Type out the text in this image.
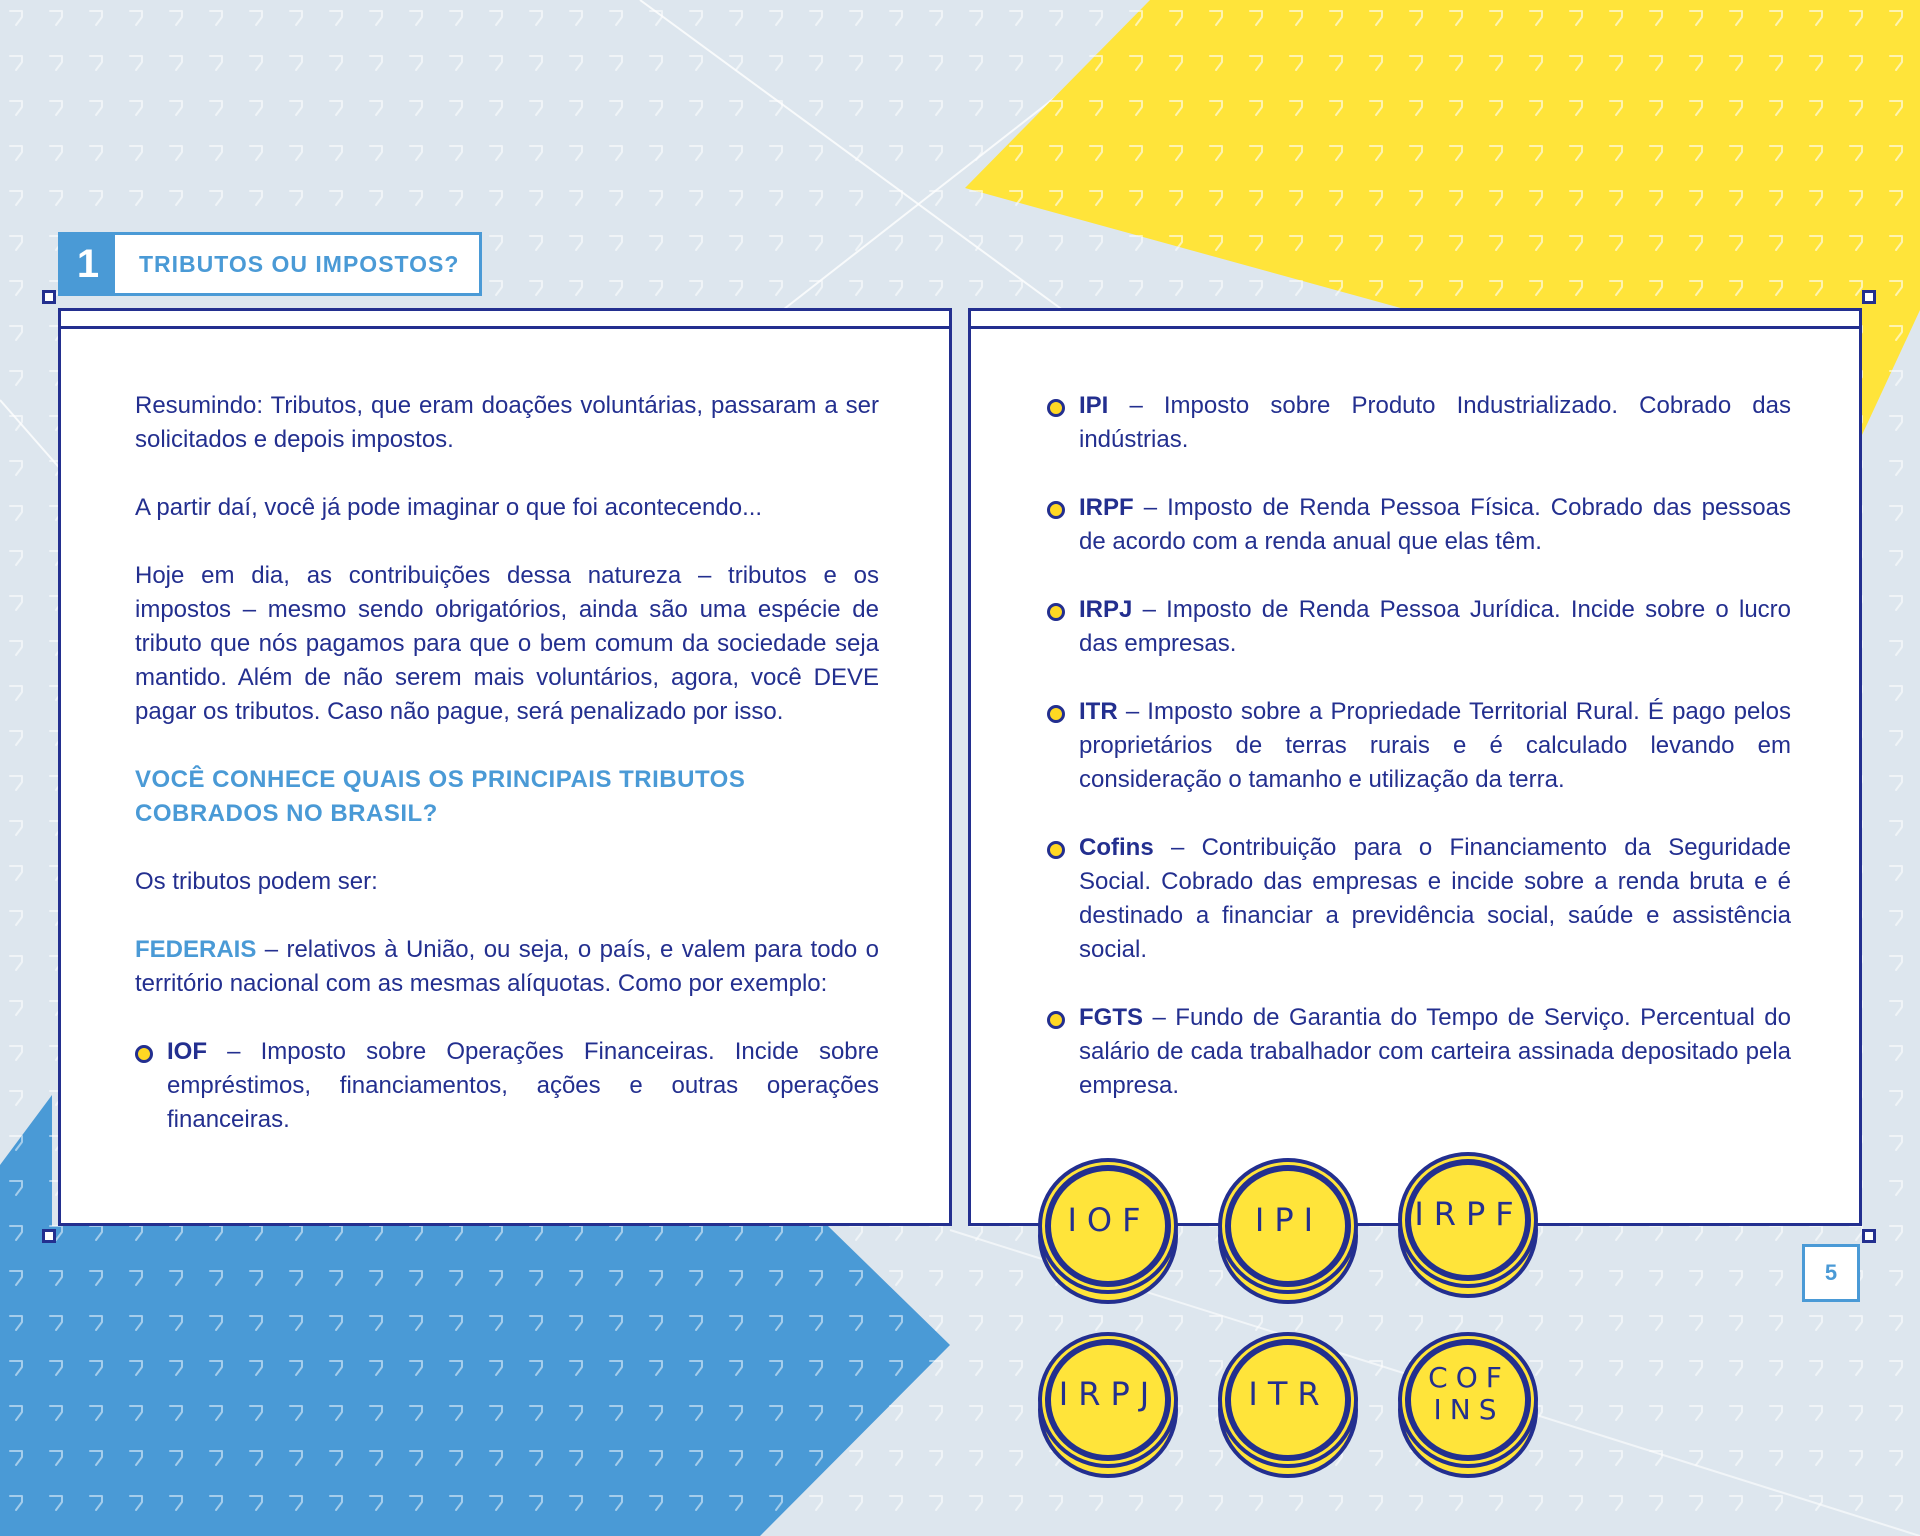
1	TRIBUTOS OU IMPOSTOS?

Resumindo: Tributos, que eram doações voluntárias, passaram a ser solicitados e depois impostos.

A partir daí, você já pode imaginar o que foi acontecendo...

Hoje em dia, as contribuições dessa natureza – tributos e os impostos – mesmo sendo obrigatórios, ainda são uma espécie de tributo que nós pagamos para que o bem comum da sociedade seja mantido. Além de não serem mais voluntários, agora, você DEVE pagar os tributos. Caso não pague, será penalizado por isso.

VOCÊ CONHECE QUAIS OS PRINCIPAIS TRIBUTOS COBRADOS NO BRASIL?

Os tributos podem ser:

FEDERAIS – relativos à União, ou seja, o país, e valem para todo o território nacional com as mesmas alíquotas. Como por exemplo:

IOF – Imposto sobre Operações Financeiras. Incide sobre empréstimos, financiamentos, ações e outras operações financeiras.
IPI – Imposto sobre Produto Industrializado. Cobrado das indústrias.
IRPF – Imposto de Renda Pessoa Física. Cobrado das pessoas de acordo com a renda anual que elas têm.
IRPJ – Imposto de Renda Pessoa Jurídica. Incide sobre o lucro das empresas.
ITR – Imposto sobre a Propriedade Territorial Rural. É pago pelos proprietários de terras rurais e é calculado levando em consideração o tamanho e utilização da terra.
Cofins – Contribuição para o Financiamento da Seguridade Social. Cobrado das empresas e incide sobre a renda bruta e é destinado a financiar a previdência social, saúde e assistência social.
FGTS – Fundo de Garantia do Tempo de Serviço. Percentual do salário de cada trabalhador com carteira assinada depositado pela empresa.
IOF	IPI	IRPF
IRPJ	ITR	COF
INS
5
